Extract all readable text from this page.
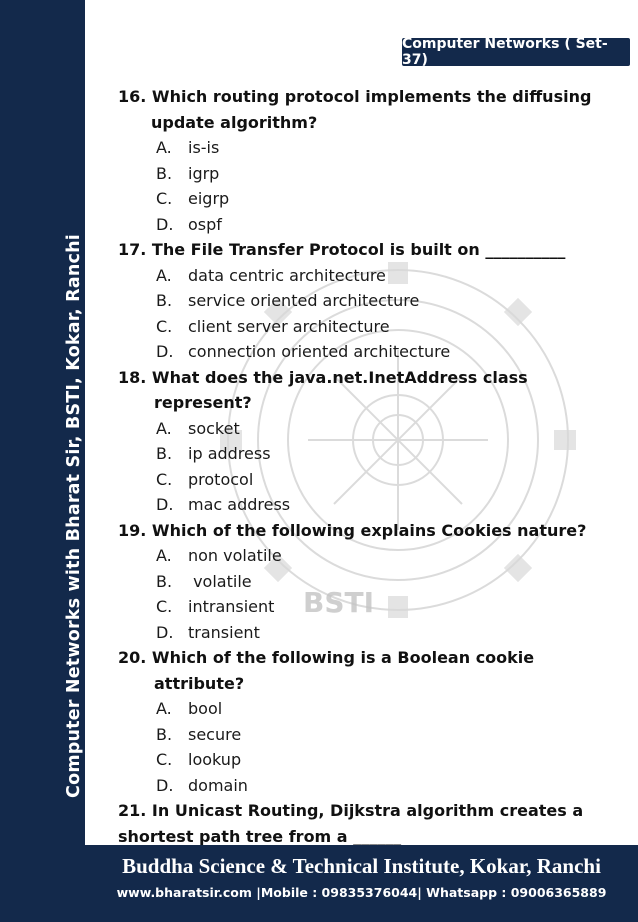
Computer Networks with Bharat Sir, BSTI, Kokar, Ranchi
Computer Networks ( Set-37)
BSTI

16. Which routing protocol implements the diffusing

update algorithm?

A. is-is
B. igrp
C. eigrp
D. ospf

17. The File Transfer Protocol is built on __________

A. data centric architecture
B. service oriented architecture
C. client server architecture
D. connection oriented architecture

18. What does the java.net.InetAddress class

represent?

A. socket
B. ip address
C. protocol
D. mac address

19. Which of the following explains Cookies nature?

A. non volatile
B. volatile
C. intransient
D. transient

20. Which of the following is a Boolean cookie

attribute?

A. bool
B. secure
C. lookup
D. domain

21. In Unicast Routing, Dijkstra algorithm creates a

shortest path tree from a ______

Buddha Science & Technical Institute, Kokar, Ranchi
www.bharatsir.com |Mobile : 09835376044| Whatsapp : 09006365889
